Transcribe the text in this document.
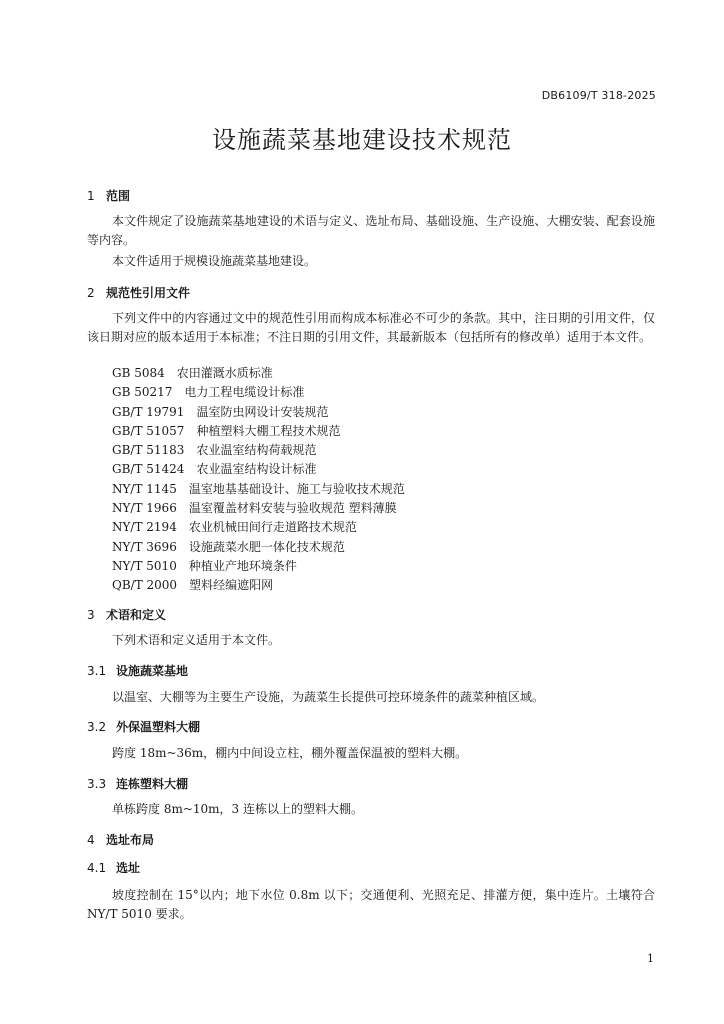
DB6109/T 318-2025
设施蔬菜基地建设技术规范
1 范围

本文件规定了设施蔬菜基地建设的术语与定义、选址布局、基础设施、生产设施、大棚安装、配套设施等内容。

本文件适用于规模设施蔬菜基地建设。

2 规范性引用文件

下列文件中的内容通过文中的规范性引用而构成本标准必不可少的条款。其中，注日期的引用文件，仅该日期对应的版本适用于本标准；不注日期的引用文件，其最新版本（包括所有的修改单）适用于本文件。

GB 5084 农田灌溉水质标准
GB 50217 电力工程电缆设计标准
GB/T 19791 温室防虫网设计安装规范
GB/T 51057 种植塑料大棚工程技术规范
GB/T 51183 农业温室结构荷载规范
GB/T 51424 农业温室结构设计标准
NY/T 1145 温室地基基础设计、施工与验收技术规范
NY/T 1966 温室覆盖材料安装与验收规范 塑料薄膜
NY/T 2194 农业机械田间行走道路技术规范
NY/T 3696 设施蔬菜水肥一体化技术规范
NY/T 5010 种植业产地环境条件
QB/T 2000 塑料经编遮阳网
3 术语和定义

下列术语和定义适用于本文件。

3.1 设施蔬菜基地

以温室、大棚等为主要生产设施，为蔬菜生长提供可控环境条件的蔬菜种植区域。

3.2 外保温塑料大棚

跨度 18m~36m，棚内中间设立柱，棚外覆盖保温被的塑料大棚。

3.3 连栋塑料大棚

单栋跨度 8m~10m，3 连栋以上的塑料大棚。

4 选址布局
4.1 选址

坡度控制在 15°以内；地下水位 0.8m 以下；交通便利、光照充足、排灌方便，集中连片。土壤符合 NY/T 5010 要求。

1
